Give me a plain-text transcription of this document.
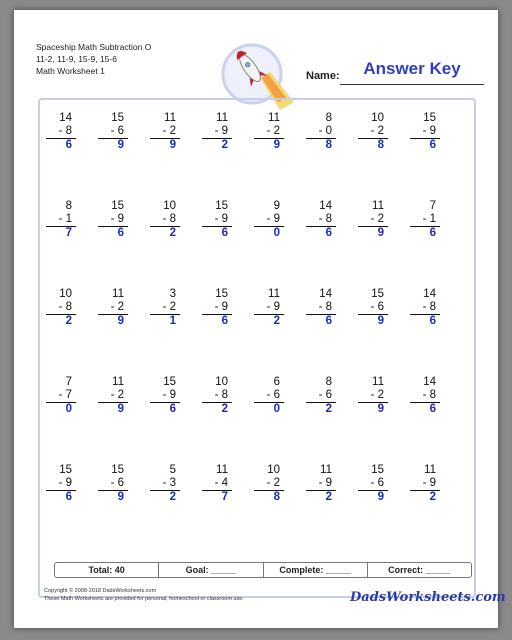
Spaceship Math Subtraction O
11-2, 11-9, 15-9, 15-6
Math Worksheet 1	Name:	Answer Key
14
- 8
6
15
- 6
9
11
- 2
9
11
- 9
2
11
- 2
9
8
- 0
8
10
- 2
8
15
- 9
6
8
- 1
7
15
- 9
6
10
- 8
2
15
- 9
6
9
- 9
0
14
- 8
6
11
- 2
9
7
- 1
6
10
- 8
2
11
- 2
9
3
- 2
1
15
- 9
6
11
- 9
2
14
- 8
6
15
- 6
9
14
- 8
6
7
- 7
0
11
- 2
9
15
- 9
6
10
- 8
2
6
- 6
0
8
- 6
2
11
- 2
9
14
- 8
6
15
- 9
6
15
- 6
9
5
- 3
2
11
- 4
7
10
- 2
8
11
- 9
2
15
- 6
9
11
- 9
2
Total: 40	Goal: _____	Complete: _____	Correct: _____
Copyright © 2008-2018 DadsWorksheets.com
These Math Worksheets are provided for personal, homeschool or classroom use.	DadsWorksheets.com
